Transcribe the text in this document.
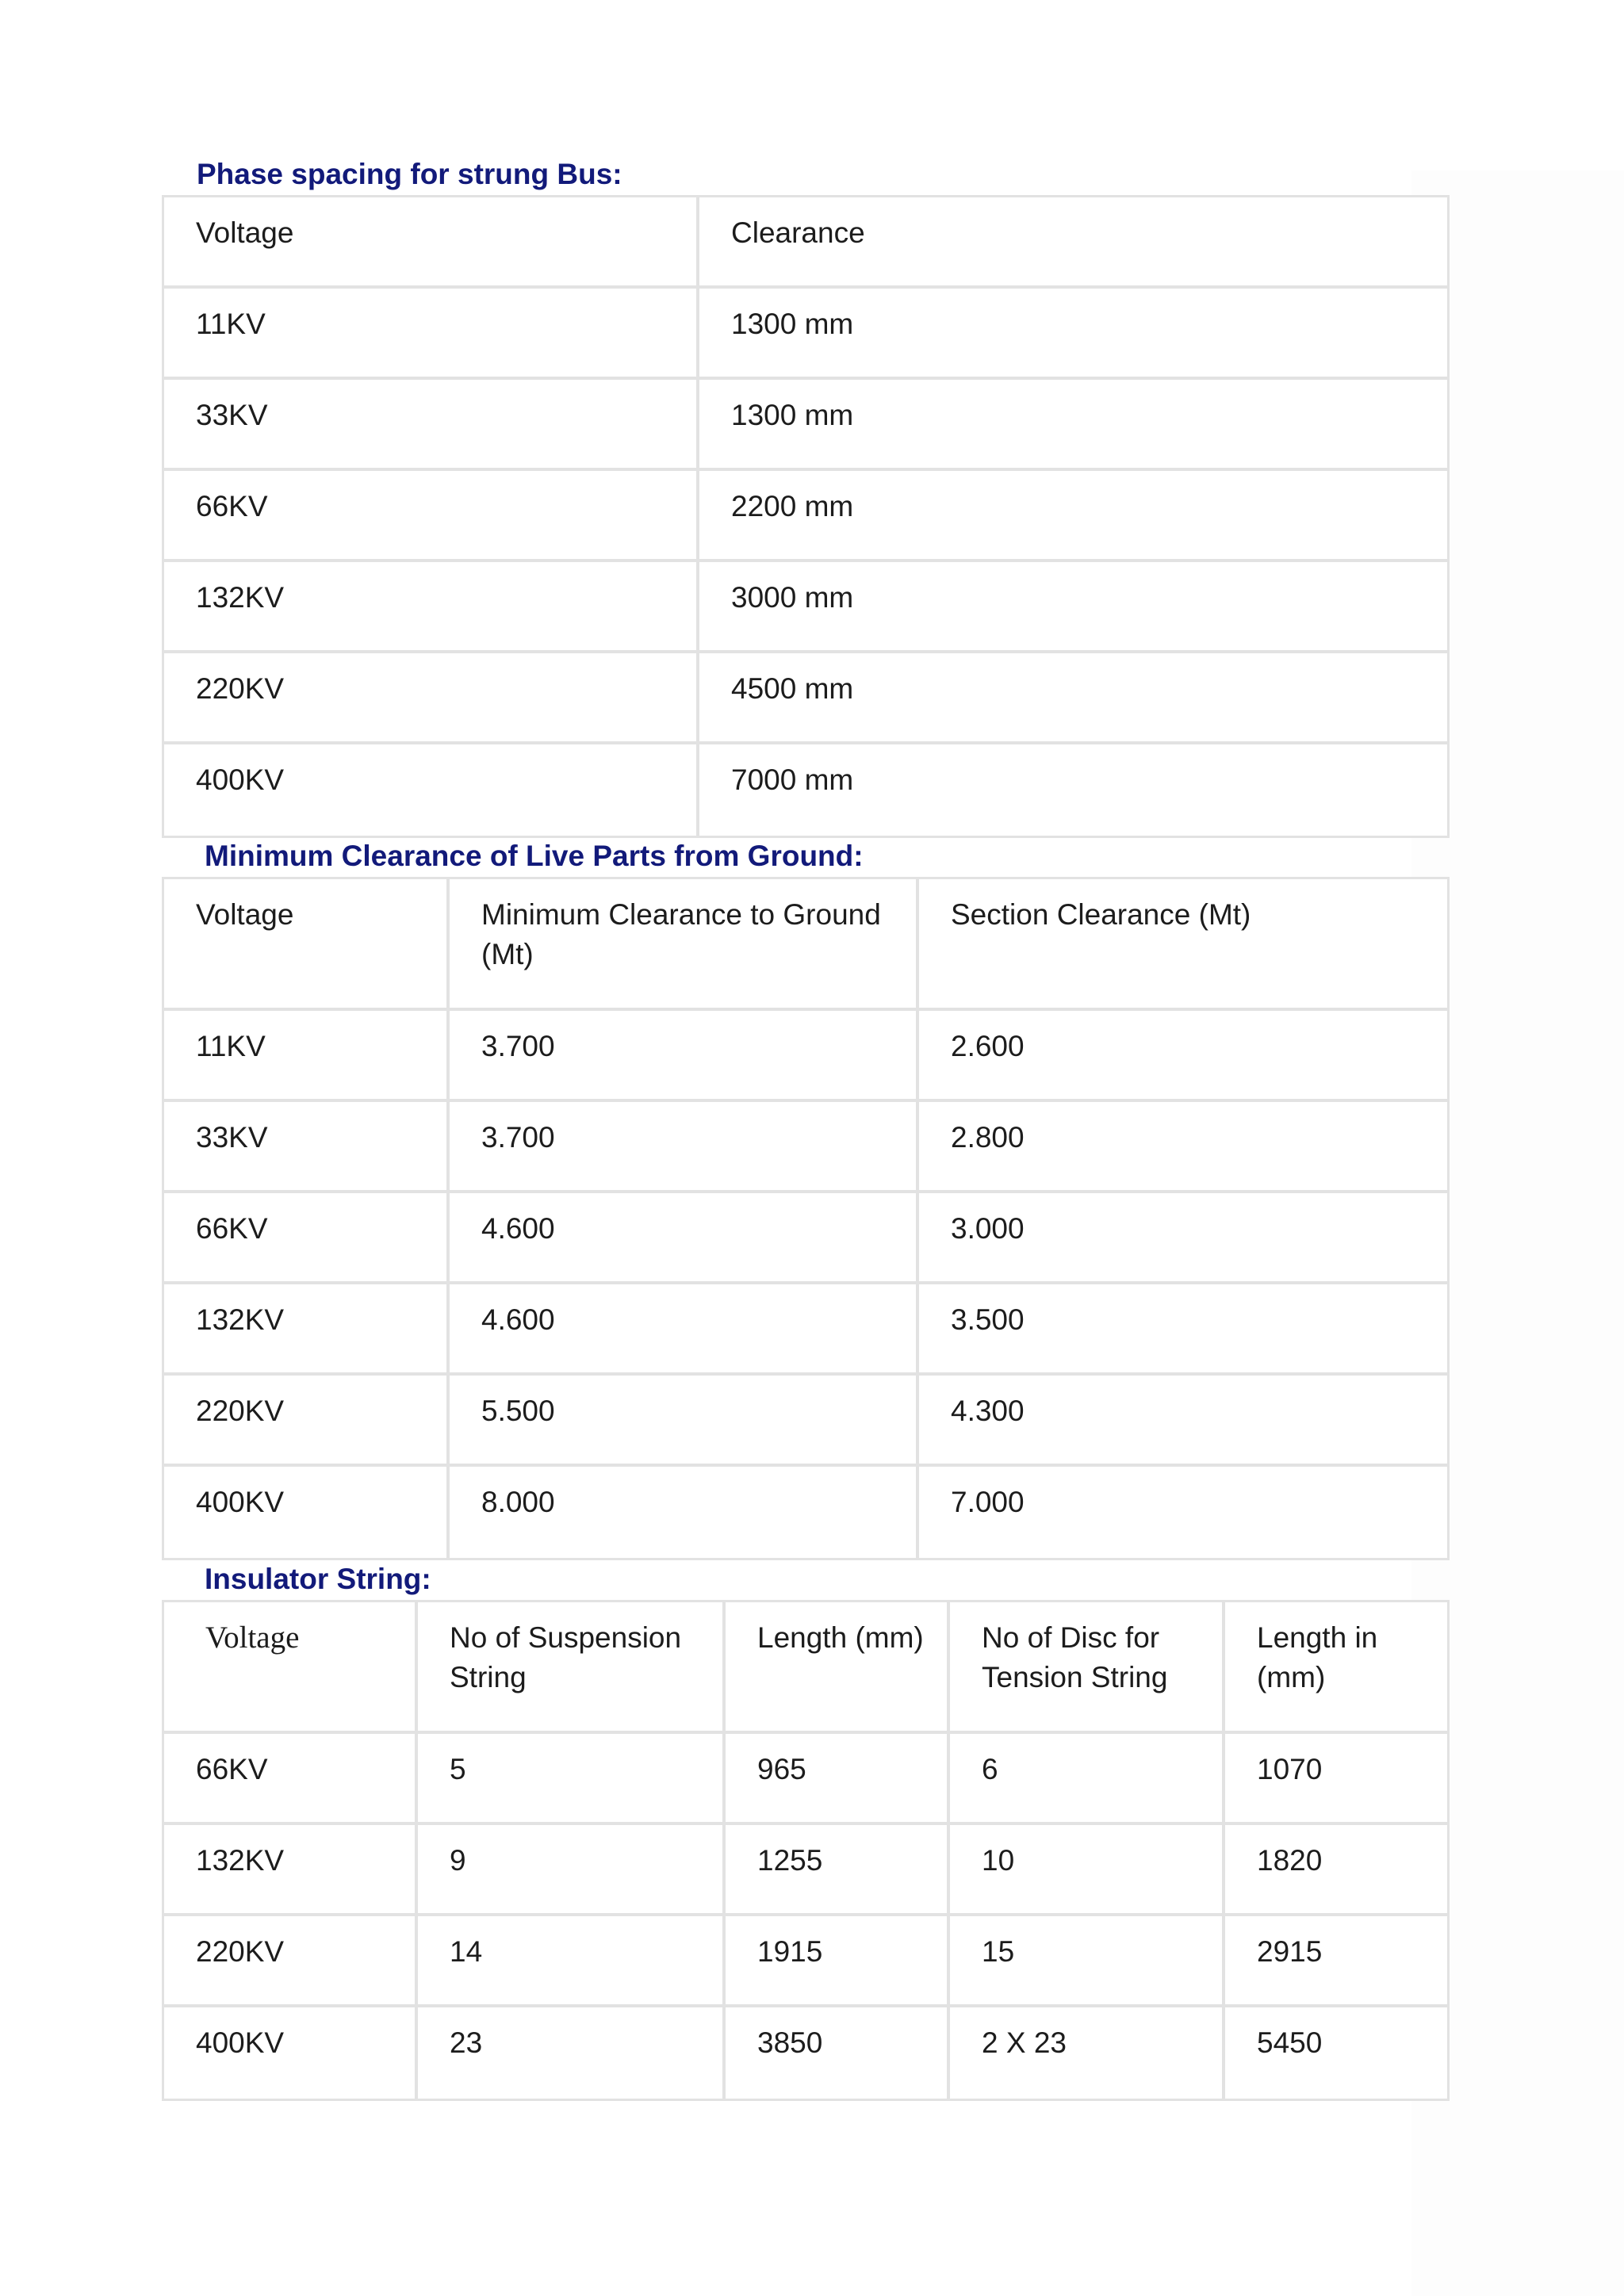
Phase spacing for strung Bus:
Voltage	Clearance
11KV	1300 mm
33KV	1300 mm
66KV	2200 mm
132KV	3000 mm
220KV	4500 mm
400KV	7000 mm
Minimum Clearance of Live Parts from Ground:
Voltage	Minimum Clearance to Ground (Mt)	Section Clearance (Mt)
11KV	3.700	2.600
33KV	3.700	2.800
66KV	4.600	3.000
132KV	4.600	3.500
220KV	5.500	4.300
400KV	8.000	7.000
Insulator String:
Voltage	No of Suspension String	Length (mm)	No of Disc for Tension String	Length in (mm)
66KV	5	965	6	1070
132KV	9	1255	10	1820
220KV	14	1915	15	2915
400KV	23	3850	2 X 23	5450
